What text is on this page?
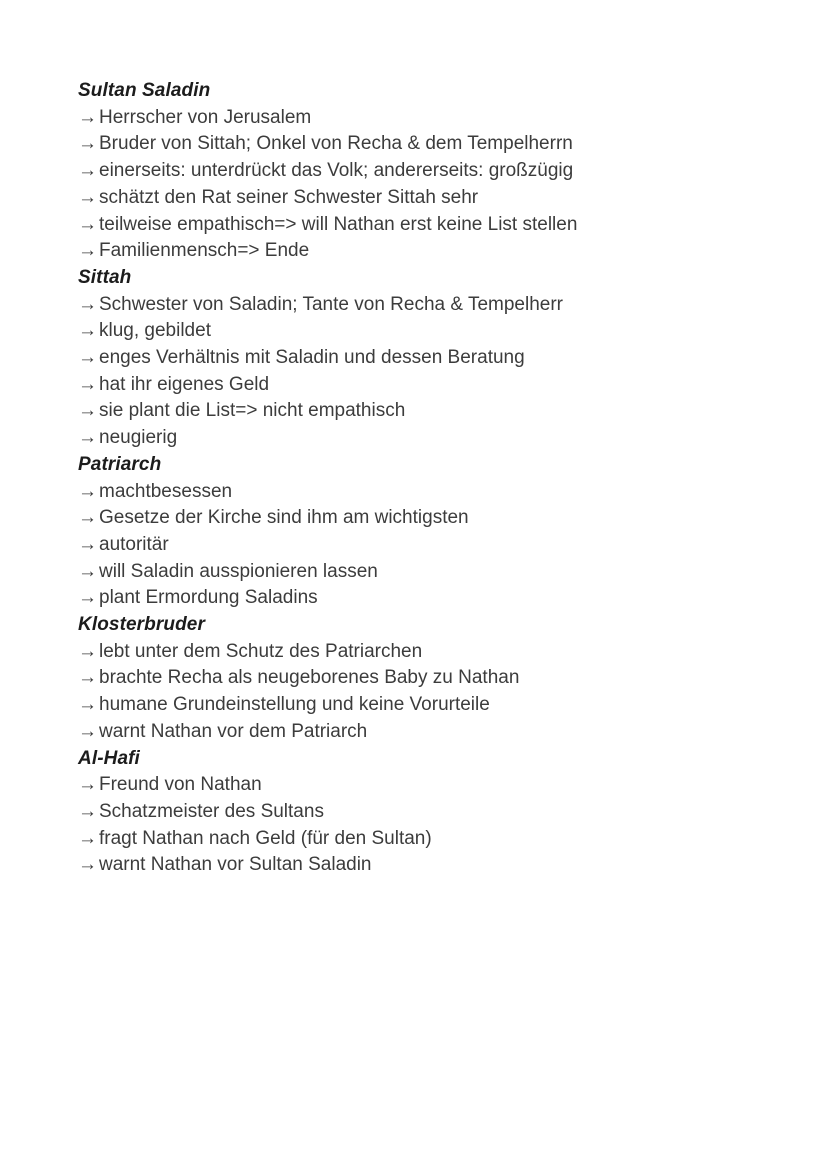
Sultan Saladin
→ Herrscher von Jerusalem
→ Bruder von Sittah; Onkel von Recha & dem Tempelherrn
→ einerseits: unterdrückt das Volk; andererseits: großzügig
→ schätzt den Rat seiner Schwester Sittah sehr
→ teilweise empathisch=> will Nathan erst keine List stellen
→ Familienmensch=> Ende
Sittah
→ Schwester von Saladin; Tante von Recha & Tempelherr
→ klug, gebildet
→ enges Verhältnis mit Saladin und dessen Beratung
→ hat ihr eigenes Geld
→ sie plant die List=> nicht empathisch
→ neugierig
Patriarch
→ machtbesessen
→ Gesetze der Kirche sind ihm am wichtigsten
→ autoritär
→ will Saladin ausspionieren lassen
→ plant Ermordung Saladins
Klosterbruder
→ lebt unter dem Schutz des Patriarchen
→ brachte Recha als neugeborenes Baby zu Nathan
→ humane Grundeinstellung und keine Vorurteile
→ warnt Nathan vor dem Patriarch
Al-Hafi
→ Freund von Nathan
→ Schatzmeister des Sultans
→ fragt Nathan nach Geld (für den Sultan)
→ warnt Nathan vor Sultan Saladin
